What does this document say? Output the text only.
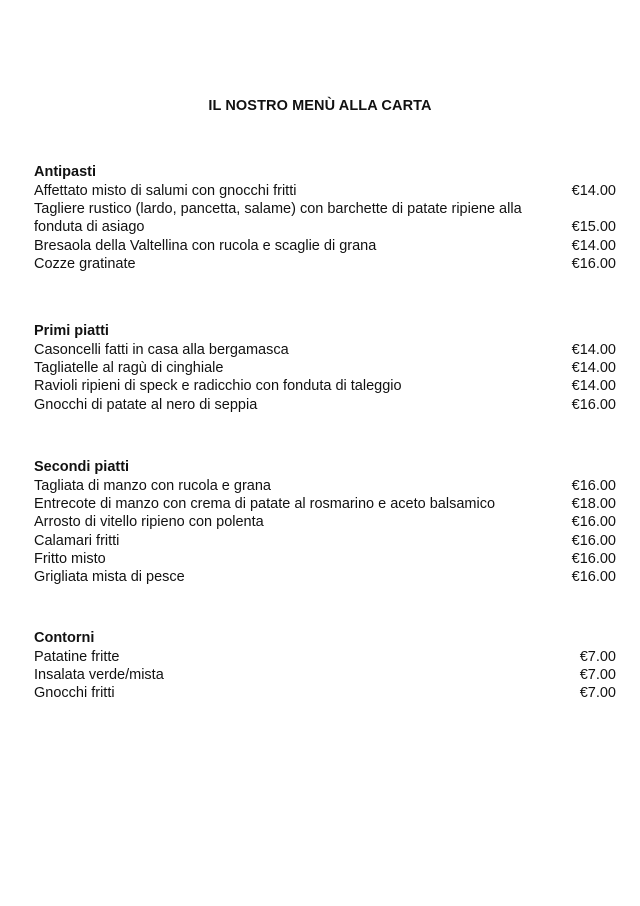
IL NOSTRO MENÙ ALLA CARTA
Antipasti
Affettato misto di salumi con gnocchi fritti	€14.00
Tagliere rustico (lardo, pancetta, salame) con barchette di patate ripiene alla fonduta di asiago	€15.00
Bresaola della Valtellina con rucola e scaglie di grana	€14.00
Cozze gratinate	€16.00
Primi piatti
Casoncelli fatti in casa alla bergamasca	€14.00
Tagliatelle al ragù di cinghiale	€14.00
Ravioli ripieni di speck e radicchio con fonduta di taleggio	€14.00
Gnocchi di patate al nero di seppia	€16.00
Secondi piatti
Tagliata di manzo con rucola e grana	€16.00
Entrecote di manzo con crema di patate al rosmarino e aceto balsamico	€18.00
Arrosto di vitello ripieno con polenta	€16.00
Calamari fritti	€16.00
Fritto misto	€16.00
Grigliata mista di pesce	€16.00
Contorni
Patatine fritte	€7.00
Insalata verde/mista	€7.00
Gnocchi fritti	€7.00
